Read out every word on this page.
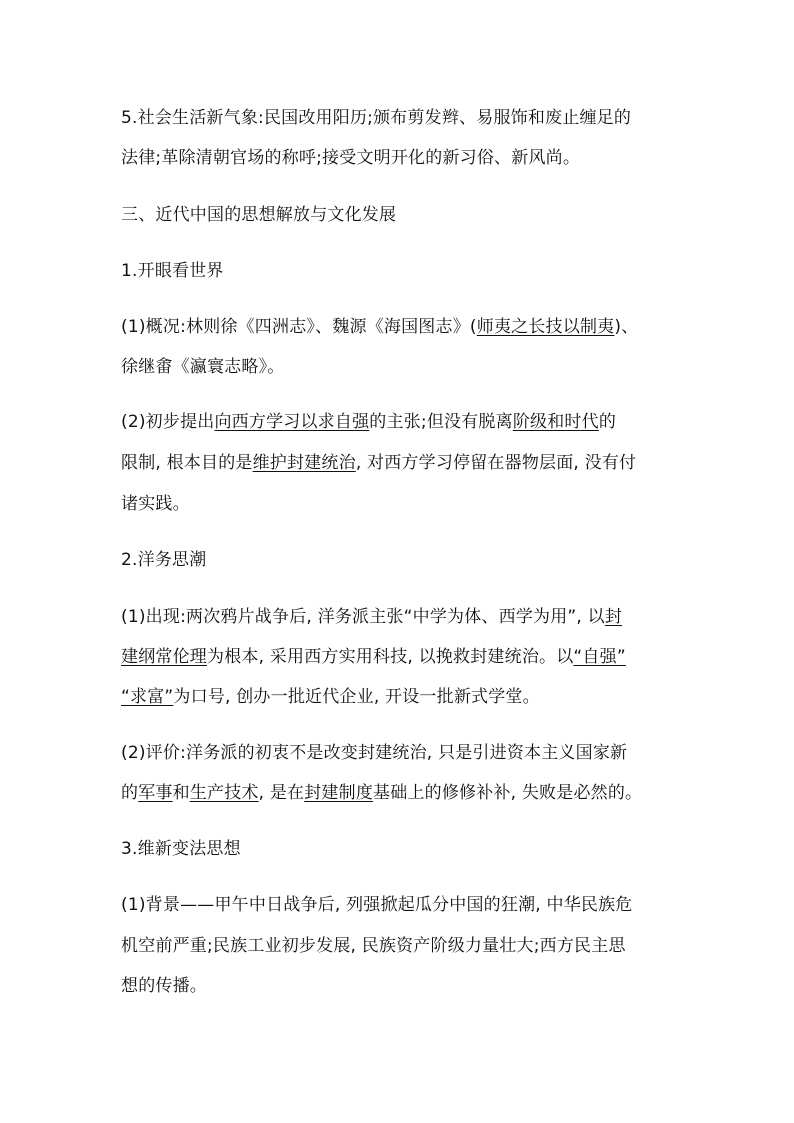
5.社会生活新气象:民国改用阳历;颁布剪发辫、易服饰和废止缠足的
法律;革除清朝官场的称呼;接受文明开化的新习俗、新风尚。
三、近代中国的思想解放与文化发展
1.开眼看世界
(1)概况:林则徐《四洲志》、魏源《海国图志》(师夷之长技以制夷)、
徐继畬《瀛寰志略》。
(2)初步提出向西方学习以求自强的主张;但没有脱离阶级和时代的
限制, 根本目的是维护封建统治, 对西方学习停留在器物层面, 没有付
诸实践。
2.洋务思潮
(1)出现:两次鸦片战争后, 洋务派主张“中学为体、西学为用”, 以封
建纲常伦理为根本, 采用西方实用科技, 以挽救封建统治。以“自强”
“求富”为口号, 创办一批近代企业, 开设一批新式学堂。
(2)评价:洋务派的初衷不是改变封建统治, 只是引进资本主义国家新
的军事和生产技术, 是在封建制度基础上的修修补补, 失败是必然的。
3.维新变法思想
(1)背景——甲午中日战争后, 列强掀起瓜分中国的狂潮, 中华民族危
机空前严重;民族工业初步发展, 民族资产阶级力量壮大;西方民主思
想的传播。
